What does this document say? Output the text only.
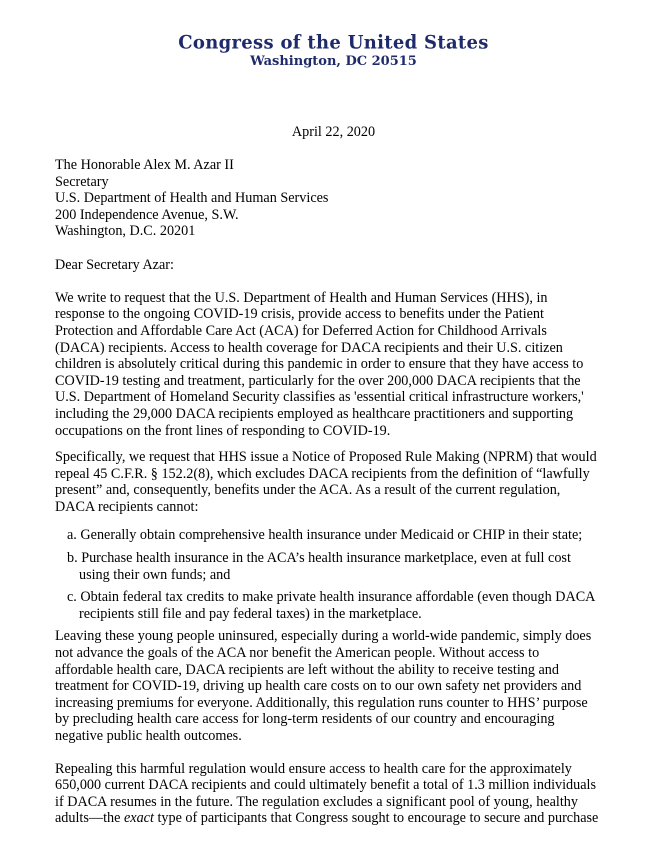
Congress of the United States
Washington, DC 20515
April 22, 2020

The Honorable Alex M. Azar II

Secretary

U.S. Department of Health and Human Services

200 Independence Avenue, S.W.

Washington, D.C. 20201

Dear Secretary Azar:

We write to request that the U.S. Department of Health and Human Services (HHS), in response to the ongoing COVID-19 crisis, provide access to benefits under the Patient Protection and Affordable Care Act (ACA) for Deferred Action for Childhood Arrivals (DACA) recipients. Access to health coverage for DACA recipients and their U.S. citizen children is absolutely critical during this pandemic in order to ensure that they have access to COVID-19 testing and treatment, particularly for the over 200,000 DACA recipients that the U.S. Department of Homeland Security classifies as 'essential critical infrastructure workers,' including the 29,000 DACA recipients employed as healthcare practitioners and supporting occupations on the front lines of responding to COVID-19.

Specifically, we request that HHS issue a Notice of Proposed Rule Making (NPRM) that would repeal 45 C.F.R. § 152.2(8), which excludes DACA recipients from the definition of “lawfully present” and, consequently, benefits under the ACA. As a result of the current regulation, DACA recipients cannot:

a. Generally obtain comprehensive health insurance under Medicaid or CHIP in their state;
b. Purchase health insurance in the ACA’s health insurance marketplace, even at full cost using their own funds; and
c. Obtain federal tax credits to make private health insurance affordable (even though DACA recipients still file and pay federal taxes) in the marketplace.

Leaving these young people uninsured, especially during a world-wide pandemic, simply does not advance the goals of the ACA nor benefit the American people. Without access to affordable health care, DACA recipients are left without the ability to receive testing and treatment for COVID-19, driving up health care costs on to our own safety net providers and increasing premiums for everyone. Additionally, this regulation runs counter to HHS’ purpose by precluding health care access for long-term residents of our country and encouraging negative public health outcomes.

Repealing this harmful regulation would ensure access to health care for the approximately 650,000 current DACA recipients and could ultimately benefit a total of 1.3 million individuals if DACA resumes in the future. The regulation excludes a significant pool of young, healthy adults—the exact type of participants that Congress sought to encourage to secure and purchase
